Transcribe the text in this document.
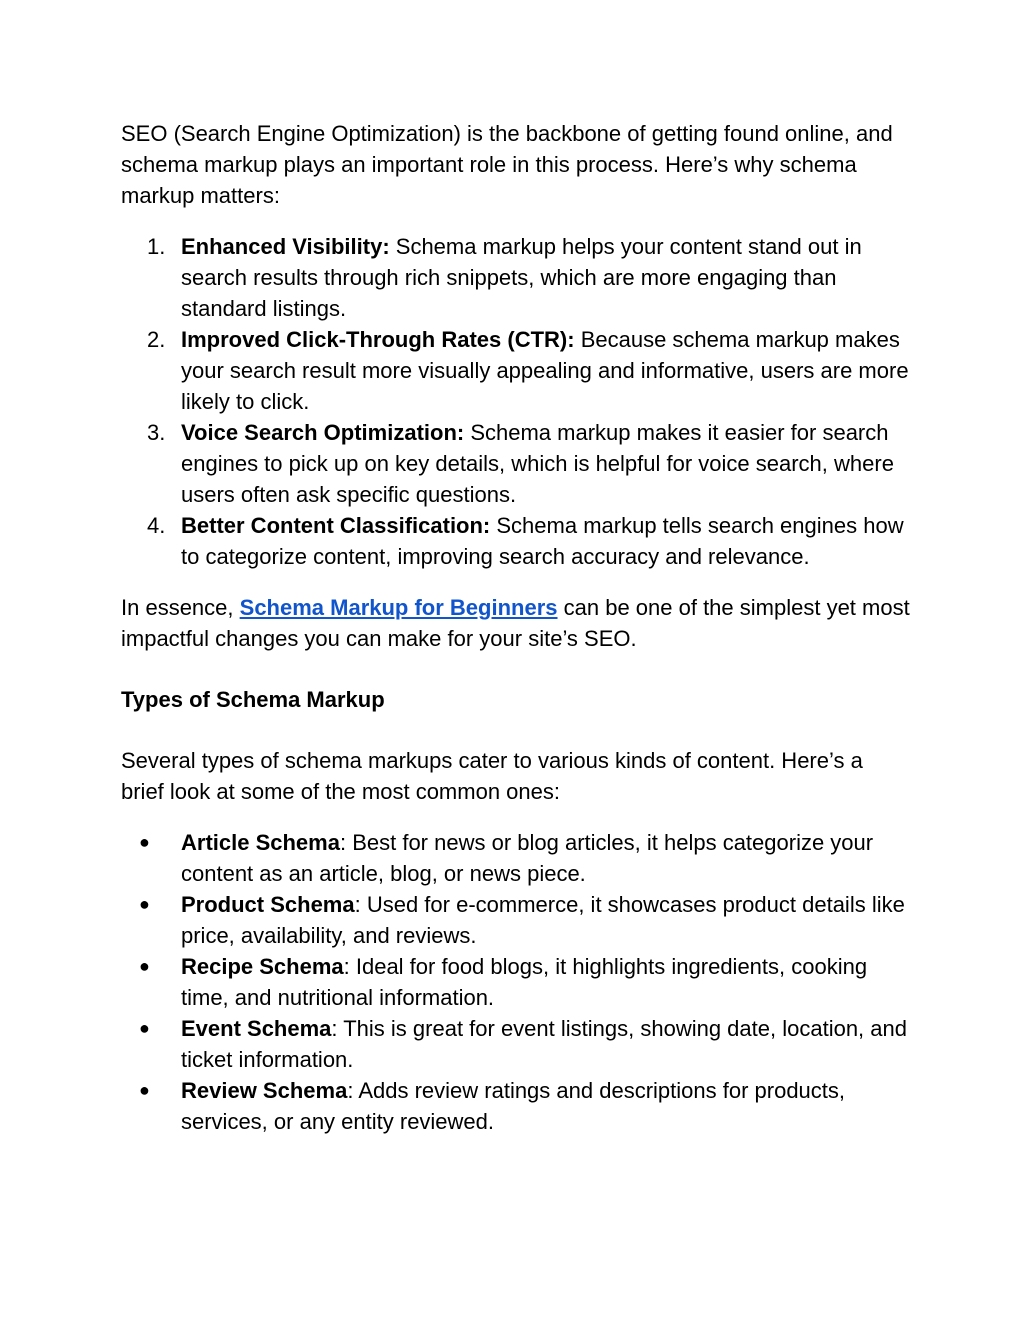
SEO (Search Engine Optimization) is the backbone of getting found online, and schema markup plays an important role in this process. Here’s why schema markup matters:

1. Enhanced Visibility: Schema markup helps your content stand out in search results through rich snippets, which are more engaging than standard listings.
2. Improved Click-Through Rates (CTR): Because schema markup makes your search result more visually appealing and informative, users are more likely to click.
3. Voice Search Optimization: Schema markup makes it easier for search engines to pick up on key details, which is helpful for voice search, where users often ask specific questions.
4. Better Content Classification: Schema markup tells search engines how to categorize content, improving search accuracy and relevance.

In essence, Schema Markup for Beginners can be one of the simplest yet most impactful changes you can make for your site’s SEO.

Types of Schema Markup

Several types of schema markups cater to various kinds of content. Here’s a brief look at some of the most common ones:

●	Article Schema: Best for news or blog articles, it helps categorize your content as an article, blog, or news piece.
●	Product Schema: Used for e-commerce, it showcases product details like price, availability, and reviews.
●	Recipe Schema: Ideal for food blogs, it highlights ingredients, cooking time, and nutritional information.
●	Event Schema: This is great for event listings, showing date, location, and ticket information.
●	Review Schema: Adds review ratings and descriptions for products, services, or any entity reviewed.
